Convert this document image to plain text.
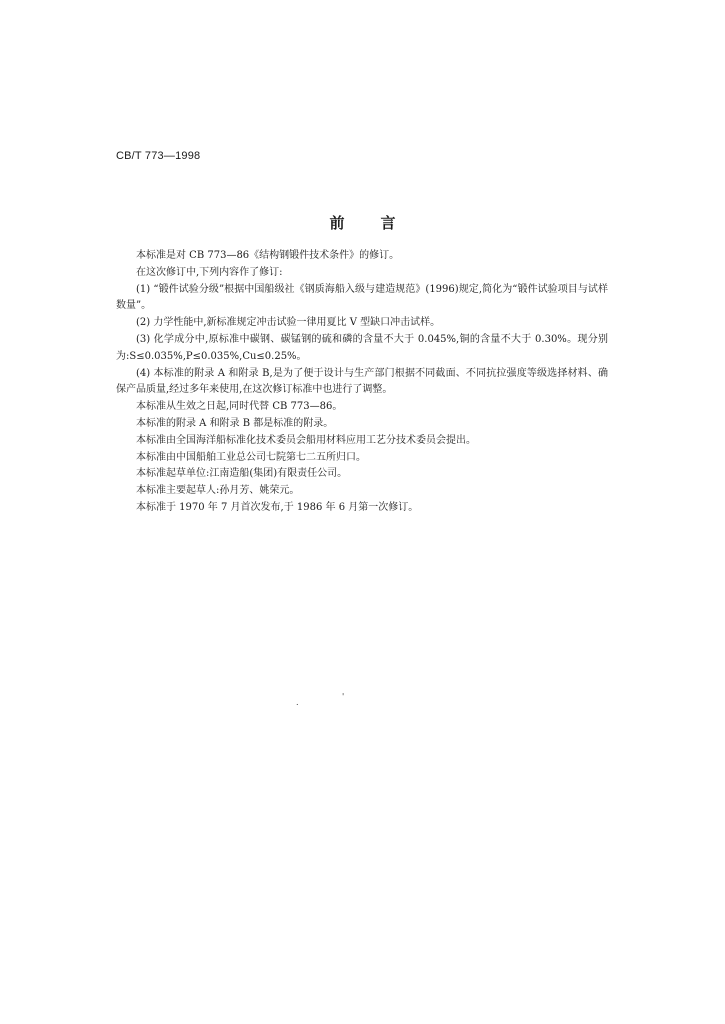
CB/T 773—1998
前 言

本标准是对 CB 773—86《结构钢锻件技术条件》的修订。

在这次修订中,下列内容作了修订:

(1) “锻件试验分级”根据中国船级社《钢质海船入级与建造规范》(1996)规定,简化为“锻件试验项目与试样数量”。

(2) 力学性能中,新标准规定冲击试验一律用夏比 V 型缺口冲击试样。

(3) 化学成分中,原标准中碳钢、碳锰钢的硫和磷的含量不大于 0.045%,铜的含量不大于 0.30%。现分别为:S≤0.035%,P≤0.035%,Cu≤0.25%。

(4) 本标准的附录 A 和附录 B,是为了便于设计与生产部门根据不同截面、不同抗拉强度等级选择材料、确保产品质量,经过多年来使用,在这次修订标准中也进行了调整。

本标准从生效之日起,同时代替 CB 773—86。

本标准的附录 A 和附录 B 都是标准的附录。

本标准由全国海洋船标准化技术委员会船用材料应用工艺分技术委员会提出。

本标准由中国船舶工业总公司七院第七二五所归口。

本标准起草单位:江南造船(集团)有限责任公司。

本标准主要起草人:孙月芳、姚荣元。

本标准于 1970 年 7 月首次发布,于 1986 年 6 月第一次修订。

.
'
